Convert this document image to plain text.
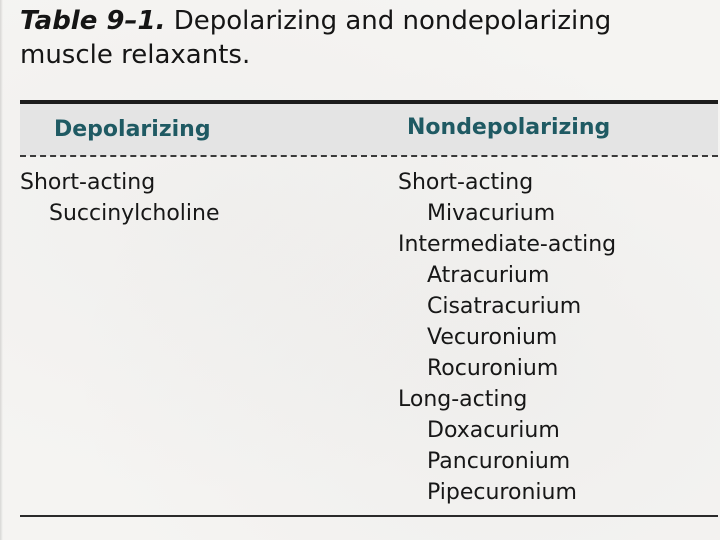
Table 9–1. Depolarizing and nondepolarizing muscle relaxants.
Depolarizing	Nondepolarizing
Short-acting
Succinylcholine
Short-acting
Mivacurium
Intermediate-acting
Atracurium
Cisatracurium
Vecuronium
Rocuronium
Long-acting
Doxacurium
Pancuronium
Pipecuronium
